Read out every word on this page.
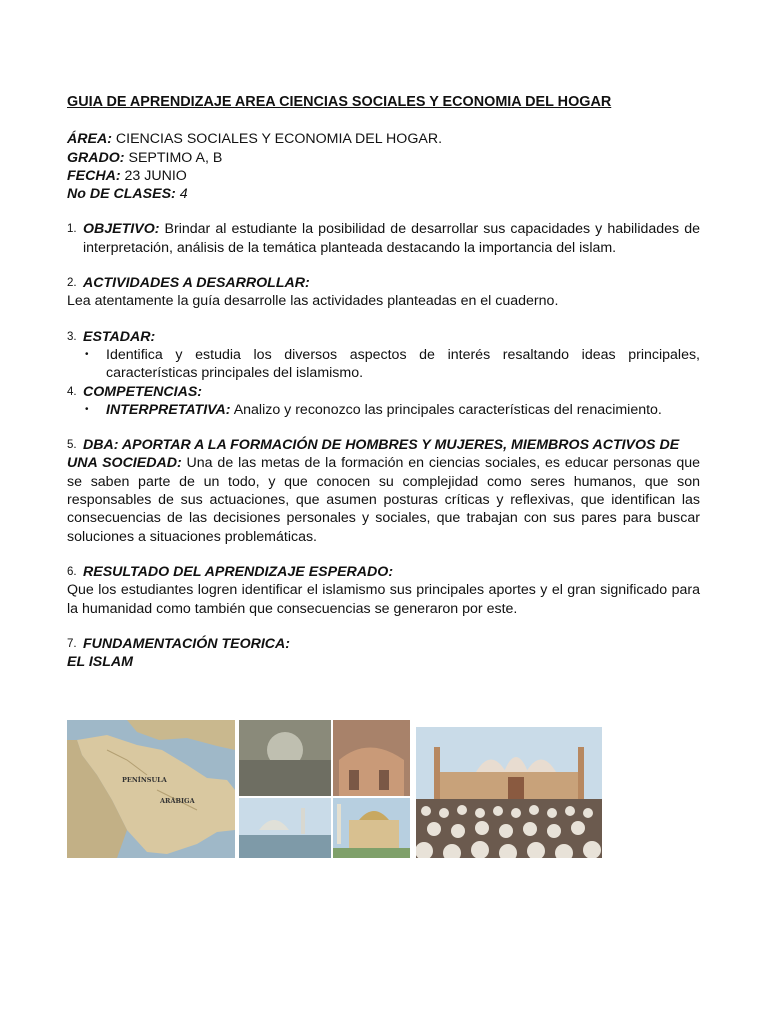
GUIA DE APRENDIZAJE AREA CIENCIAS SOCIALES Y ECONOMIA DEL HOGAR

ÁREA: CIENCIAS SOCIALES Y ECONOMIA DEL HOGAR.

GRADO: SEPTIMO A, B

FECHA: 23 JUNIO

No DE CLASES: 4

1. OBJETIVO: Brindar al estudiante la posibilidad de desarrollar sus capacidades y habilidades de interpretación, análisis de la temática planteada destacando la importancia del islam.
2. ACTIVIDADES A DESARROLLAR:

Lea atentamente la guía desarrolle las actividades planteadas en el cuaderno.

3. ESTADAR:
•	Identifica y estudia los diversos aspectos de interés resaltando ideas principales, características principales del islamismo.
4. COMPETENCIAS:
•	INTERPRETATIVA: Analizo y reconozco las principales características del renacimiento.
5. DBA: APORTAR A LA FORMACIÓN DE HOMBRES Y MUJERES, MIEMBROS ACTIVOS DE

UNA SOCIEDAD: Una de las metas de la formación en ciencias sociales, es educar personas que se saben parte de un todo, y que conocen su complejidad como seres humanos, que son responsables de sus actuaciones, que asumen posturas críticas y reflexivas, que identifican las consecuencias de las decisiones personales y sociales, que trabajan con sus pares para buscar soluciones a situaciones problemáticas.

6. RESULTADO DEL APRENDIZAJE ESPERADO:

Que los estudiantes logren identificar el islamismo sus principales aportes y el gran significado para la humanidad como también que consecuencias se generaron por este.

7. FUNDAMENTACIÓN TEORICA:

EL ISLAM

PENÍNSULA
ARÁBIGA
